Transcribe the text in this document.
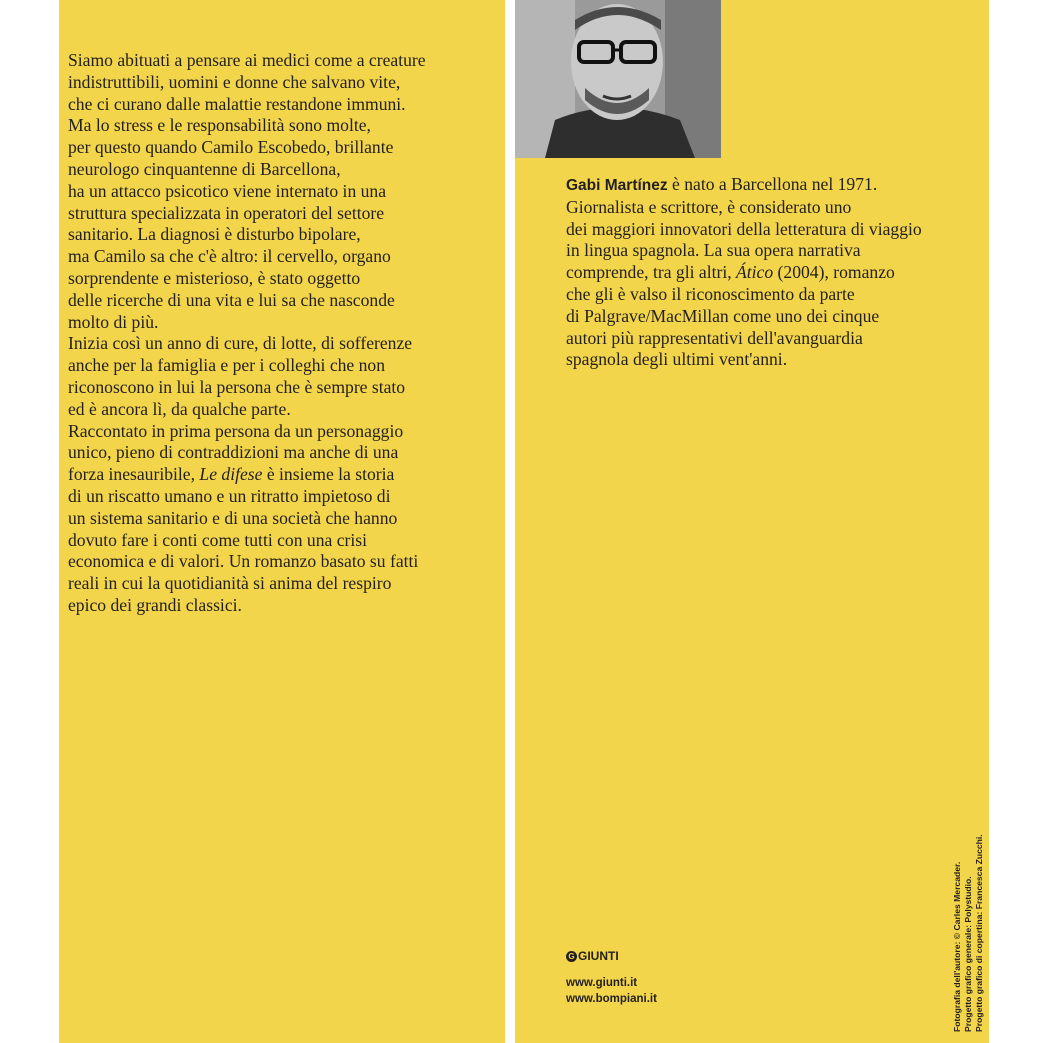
Siamo abituati a pensare ai medici come a creature
indistruttibili, uomini e donne che salvano vite,
che ci curano dalle malattie restandone immuni.
Ma lo stress e le responsabilità sono molte,
per questo quando Camilo Escobedo, brillante
neurologo cinquantenne di Barcellona,
ha un attacco psicotico viene internato in una
struttura specializzata in operatori del settore
sanitario. La diagnosi è disturbo bipolare,
ma Camilo sa che c'è altro: il cervello, organo
sorprendente e misterioso, è stato oggetto
delle ricerche di una vita e lui sa che nasconde
molto di più.
Inizia così un anno di cure, di lotte, di sofferenze
anche per la famiglia e per i colleghi che non
riconoscono in lui la persona che è sempre stato
ed è ancora lì, da qualche parte.
Raccontato in prima persona da un personaggio
unico, pieno di contraddizioni ma anche di una
forza inesauribile, Le difese è insieme la storia
di un riscatto umano e un ritratto impietoso di
un sistema sanitario e di una società che hanno
dovuto fare i conti come tutti con una crisi
economica e di valori. Un romanzo basato su fatti
reali in cui la quotidianità si anima del respiro
epico dei grandi classici.
Gabi Martínez è nato a Barcellona nel 1971.
Giornalista e scrittore, è considerato uno
dei maggiori innovatori della letteratura di viaggio
in lingua spagnola. La sua opera narrativa
comprende, tra gli altri, Ático (2004), romanzo
che gli è valso il riconoscimento da parte
di Palgrave/MacMillan come uno dei cinque
autori più rappresentativi dell'avanguardia
spagnola degli ultimi vent'anni.
G GIUNTI
www.giunti.it
www.bompiani.it	Fotografia dell'autore: © Carles Mercader. Progetto grafico generale: Polystudio. Progetto grafico di copertina: Francesca Zucchi.
